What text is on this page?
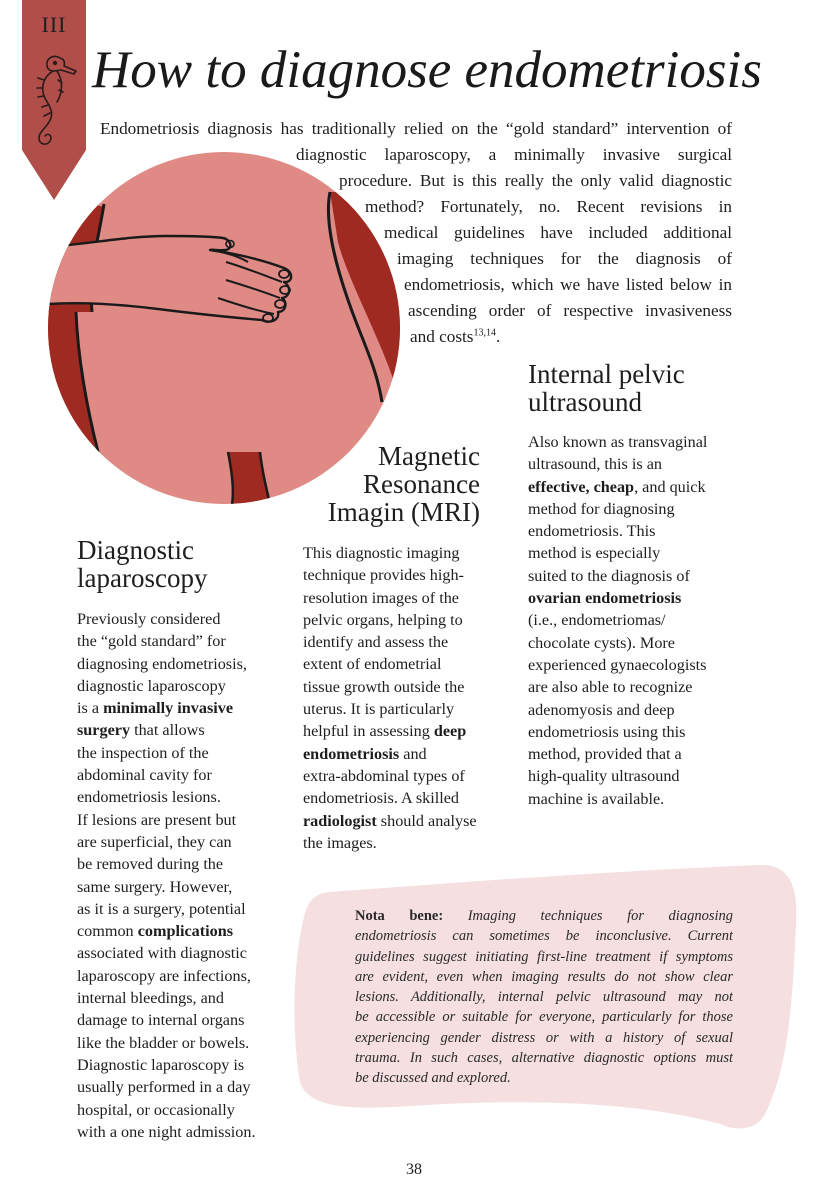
III
How to diagnose endometriosis
Endometriosis diagnosis has traditionally relied on the “gold standard” intervention of
diagnostic laparoscopy, a minimally invasive surgical
procedure. But is this really the only valid diagnostic
method? Fortunately, no. Recent revisions in
medical guidelines have included additional
imaging techniques for the diagnosis of
endometriosis, which we have listed below in
ascending order of respective invasiveness
and costs$^{13,14}$.
Internal pelvic
ultrasound
Also known as transvaginal
ultrasound, this is an
effective, cheap, and quick
method for diagnosing
endometriosis. This
method is especially
suited to the diagnosis of
ovarian endometriosis
(i.e., endometriomas/
chocolate cysts). More
experienced gynaecologists
are also able to recognize
adenomyosis and deep
endometriosis using this
method, provided that a
high-quality ultrasound
machine is available.
Magnetic
Resonance
Imagin (MRI)
This diagnostic imaging
technique provides high-
resolution images of the
pelvic organs, helping to
identify and assess the
extent of endometrial
tissue growth outside the
uterus. It is particularly
helpful in assessing deep
endometriosis and
extra-abdominal types of
endometriosis. A skilled
radiologist should analyse
the images.
Diagnostic
laparoscopy
Previously considered
the “gold standard” for
diagnosing endometriosis,
diagnostic laparoscopy
is a minimally invasive
surgery that allows
the inspection of the
abdominal cavity for
endometriosis lesions.
If lesions are present but
are superficial, they can
be removed during the
same surgery. However,
as it is a surgery, potential
common complications
associated with diagnostic
laparoscopy are infections,
internal bleedings, and
damage to internal organs
like the bladder or bowels.
Diagnostic laparoscopy is
usually performed in a day
hospital, or occasionally
with a one night admission.
Nota bene: Imaging techniques for diagnosing
endometriosis can sometimes be inconclusive. Current
guidelines suggest initiating first-line treatment if symptoms
are evident, even when imaging results do not show clear
lesions. Additionally, internal pelvic ultrasound may not
be accessible or suitable for everyone, particularly for those
experiencing gender distress or with a history of sexual
trauma. In such cases, alternative diagnostic options must
be discussed and explored.
38
